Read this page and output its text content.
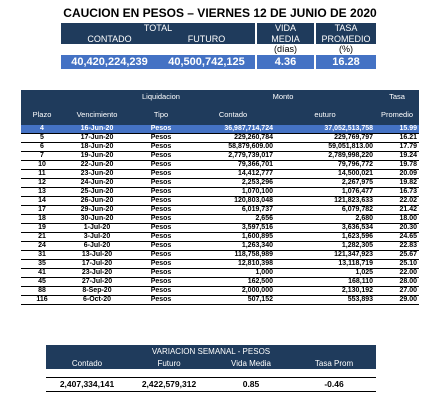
CAUCION EN PESOS – VIERNES 12 DE JUNIO DE 2020
TOTAL			VIDA		TASA
CONTADO	FUTURO		MEDIA		PROMEDIO
			(días)		(%)
40,420,224,239	40,500,742,125		4.36		16.28
		Liquidacion	Monto		Tasa
Plazo	Vencimiento	Tipo	Contado	euturo	Promedio
4	16-Jun-20	Pesos	36,987,714,724	37,052,513,758	15.99
5	17-Jun-20	Pesos	229,260,784	229,769,797	16.21
6	18-Jun-20	Pesos	58,879,609.00	59,051,813.00	17.79
7	19-Jun-20	Pesos	2,779,739,017	2,789,998,220	19.24
10	22-Jun-20	Pesos	79,366,701	79,796,772	19.78
11	23-Jun-20	Pesos	14,412,777	14,500,021	20.09
12	24-Jun-20	Pesos	2,253,296	2,267,975	19.82
13	25-Jun-20	Pesos	1,070,100	1,076,477	16.73
14	26-Jun-20	Pesos	120,803,048	121,823,633	22.02
17	29-Jun-20	Pesos	6,019,737	6,079,782	21.42
18	30-Jun-20	Pesos	2,656	2,680	18.00
19	1-Jul-20	Pesos	3,597,516	3,636,534	20.30
21	3-Jul-20	Pesos	1,600,895	1,623,596	24.65
24	6-Jul-20	Pesos	1,263,340	1,282,305	22.83
31	13-Jul-20	Pesos	118,758,989	121,347,923	25.67
35	17-Jul-20	Pesos	12,810,398	13,118,719	25.10
41	23-Jul-20	Pesos	1,000	1,025	22.00
45	27-Jul-20	Pesos	162,500	168,110	28.00
88	8-Sep-20	Pesos	2,000,000	2,130,192	27.00
116	6-Oct-20	Pesos	507,152	553,893	29.00
VARIACION SEMANAL - PESOS			
Contado	Futuro	Vida Media	Tasa Prom

2,407,334,141	2,422,579,312	0.85	-0.46
